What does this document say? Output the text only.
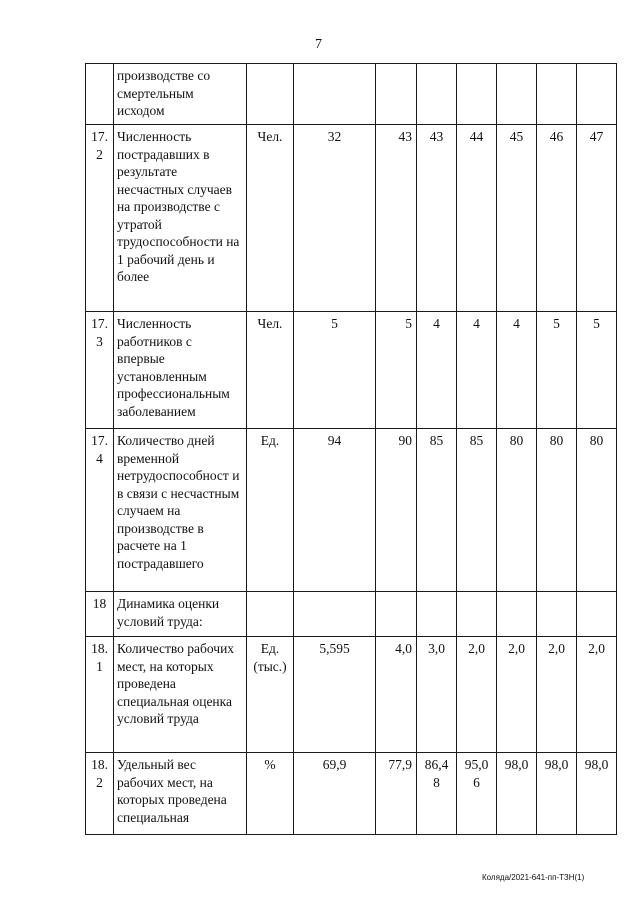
7
	производстве со смертельным исходом								
17. 2	Численность пострадавших в результате несчастных случаев на производстве с утратой трудоспособности на 1 рабочий день и более	Чел.	32	43	43	44	45	46	47
17. 3	Численность работников с впервые установленным профессиональным заболеванием	Чел.	5	5	4	4	4	5	5
17. 4	Количество дней временной нетрудоспособност и в связи с несчастным случаем на производстве в расчете на 1 пострадавшего	Ед.	94	90	85	85	80	80	80
18	Динамика оценки условий труда:								
18. 1	Количество рабочих мест, на которых проведена специальная оценка условий труда	Ед. (тыс.)	5,595	4,0	3,0	2,0	2,0	2,0	2,0
18. 2	Удельный вес рабочих мест, на которых проведена специальная	%	69,9	77,9	86,4 8	95,0 6	98,0	98,0	98,0
Коляда/2021-641-пп-ТЗН(1)
